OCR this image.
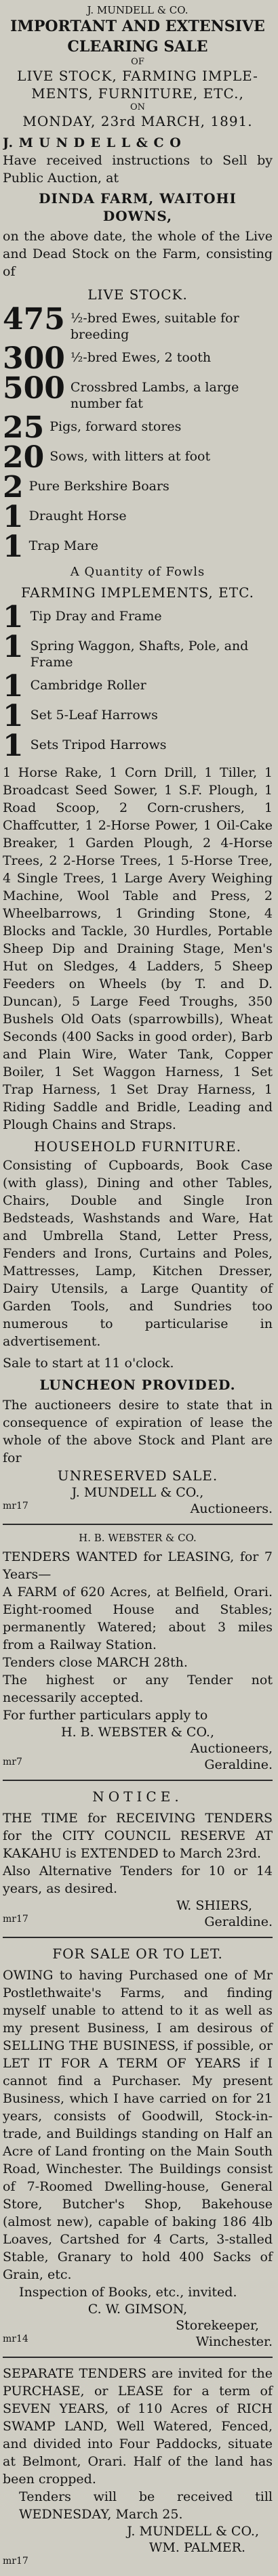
J. MUNDELL & CO.

IMPORTANT AND EXTENSIVE
CLEARING SALE
OF
LIVE STOCK, FARMING IMPLE-
MENTS, FURNITURE, ETC.,
ON
MONDAY, 23rd MARCH, 1891.
J. M U N D E L L & C O
Have received instructions to Sell by Public Auction, at
DINDA FARM, WAITOHI DOWNS,
on the above date, the whole of the Live and Dead Stock on the Farm, consisting of
LIVE STOCK.
475 ½-bred Ewes, suitable for breeding
300 ½-bred Ewes, 2 tooth
500 Crossbred Lambs, a large number fat
25 Pigs, forward stores
20 Sows, with litters at foot
2 Pure Berkshire Boars
1 Draught Horse
1 Trap Mare
A Quantity of Fowls
FARMING IMPLEMENTS, ETC.
1 Tip Dray and Frame
1 Spring Waggon, Shafts, Pole, and Frame
1 Cambridge Roller
1 Set 5-Leaf Harrows
1 Sets Tripod Harrows
1 Horse Rake, 1 Corn Drill, 1 Tiller, 1 Broadcast Seed Sower, 1 S.F. Plough, 1 Road Scoop, 2 Corn-crushers, 1 Chaffcutter, 1 2-Horse Power, 1 Oil-Cake Breaker, 1 Garden Plough, 2 4-Horse Trees, 2 2-Horse Trees, 1 5-Horse Tree, 4 Single Trees, 1 Large Avery Weighing Machine, Wool Table and Press, 2 Wheelbarrows, 1 Grinding Stone, 4 Blocks and Tackle, 30 Hurdles, Portable Sheep Dip and Draining Stage, Men's Hut on Sledges, 4 Ladders, 5 Sheep Feeders on Wheels (by T. and D. Duncan), 5 Large Feed Troughs, 350 Bushels Old Oats (sparrowbills), Wheat Seconds (400 Sacks in good order), Barb and Plain Wire, Water Tank, Copper Boiler, 1 Set Waggon Harness, 1 Set Trap Harness, 1 Set Dray Harness, 1 Riding Saddle and Bridle, Leading and Plough Chains and Straps.
HOUSEHOLD FURNITURE.
Consisting of Cupboards, Book Case (with glass), Dining and other Tables, Chairs, Double and Single Iron Bedsteads, Washstands and Ware, Hat and Umbrella Stand, Letter Press, Fenders and Irons, Curtains and Poles, Mattresses, Lamp, Kitchen Dresser, Dairy Utensils, a Large Quantity of Garden Tools, and Sundries too numerous to particularise in advertisement.
Sale to start at 11 o'clock.
LUNCHEON PROVIDED.
The auctioneers desire to state that in consequence of expiration of lease the whole of the above Stock and Plant are for
UNRESERVED SALE.
J. MUNDELL & CO.,
mr17	Auctioneers.
H. B. WEBSTER & CO.
TENDERS WANTED for LEASING, for 7 Years—
A FARM of 620 Acres, at Belfield, Orari. Eight-roomed House and Stables; permanently Watered; about 3 miles from a Railway Station.
Tenders close MARCH 28th.
The highest or any Tender not necessarily accepted.
For further particulars apply to
H. B. WEBSTER & CO.,
Auctioneers,
mr7	Geraldine.
NOTICE.
THE TIME for RECEIVING TENDERS for the CITY COUNCIL RESERVE AT KAKAHU is EXTENDED to March 23rd.
Also Alternative Tenders for 10 or 14 years, as desired.
W. SHIERS,
mr17	Geraldine.
FOR SALE OR TO LET.
OWING to having Purchased one of Mr Postlethwaite's Farms, and finding myself unable to attend to it as well as my present Business, I am desirous of SELLING THE BUSINESS, if possible, or LET IT FOR A TERM OF YEARS if I cannot find a Purchaser. My present Business, which I have carried on for 21 years, consists of Goodwill, Stock-in-trade, and Buildings standing on Half an Acre of Land fronting on the Main South Road, Winchester. The Buildings consist of 7-Roomed Dwelling-house, General Store, Butcher's Shop, Bakehouse (almost new), capable of baking 186 4lb Loaves, Cartshed for 4 Carts, 3-stalled Stable, Granary to hold 400 Sacks of Grain, etc.
Inspection of Books, etc., invited.
C. W. GIMSON,
Storekeeper,
mr14	Winchester.
SEPARATE TENDERS are invited for the PURCHASE, or LEASE for a term of SEVEN YEARS, of 110 Acres of RICH SWAMP LAND, Well Watered, Fenced, and divided into Four Paddocks, situate at Belmont, Orari. Half of the land has been cropped.
Tenders will be received till WEDNESDAY, March 25.
J. MUNDELL & CO.,
WM. PALMER.
mr17
